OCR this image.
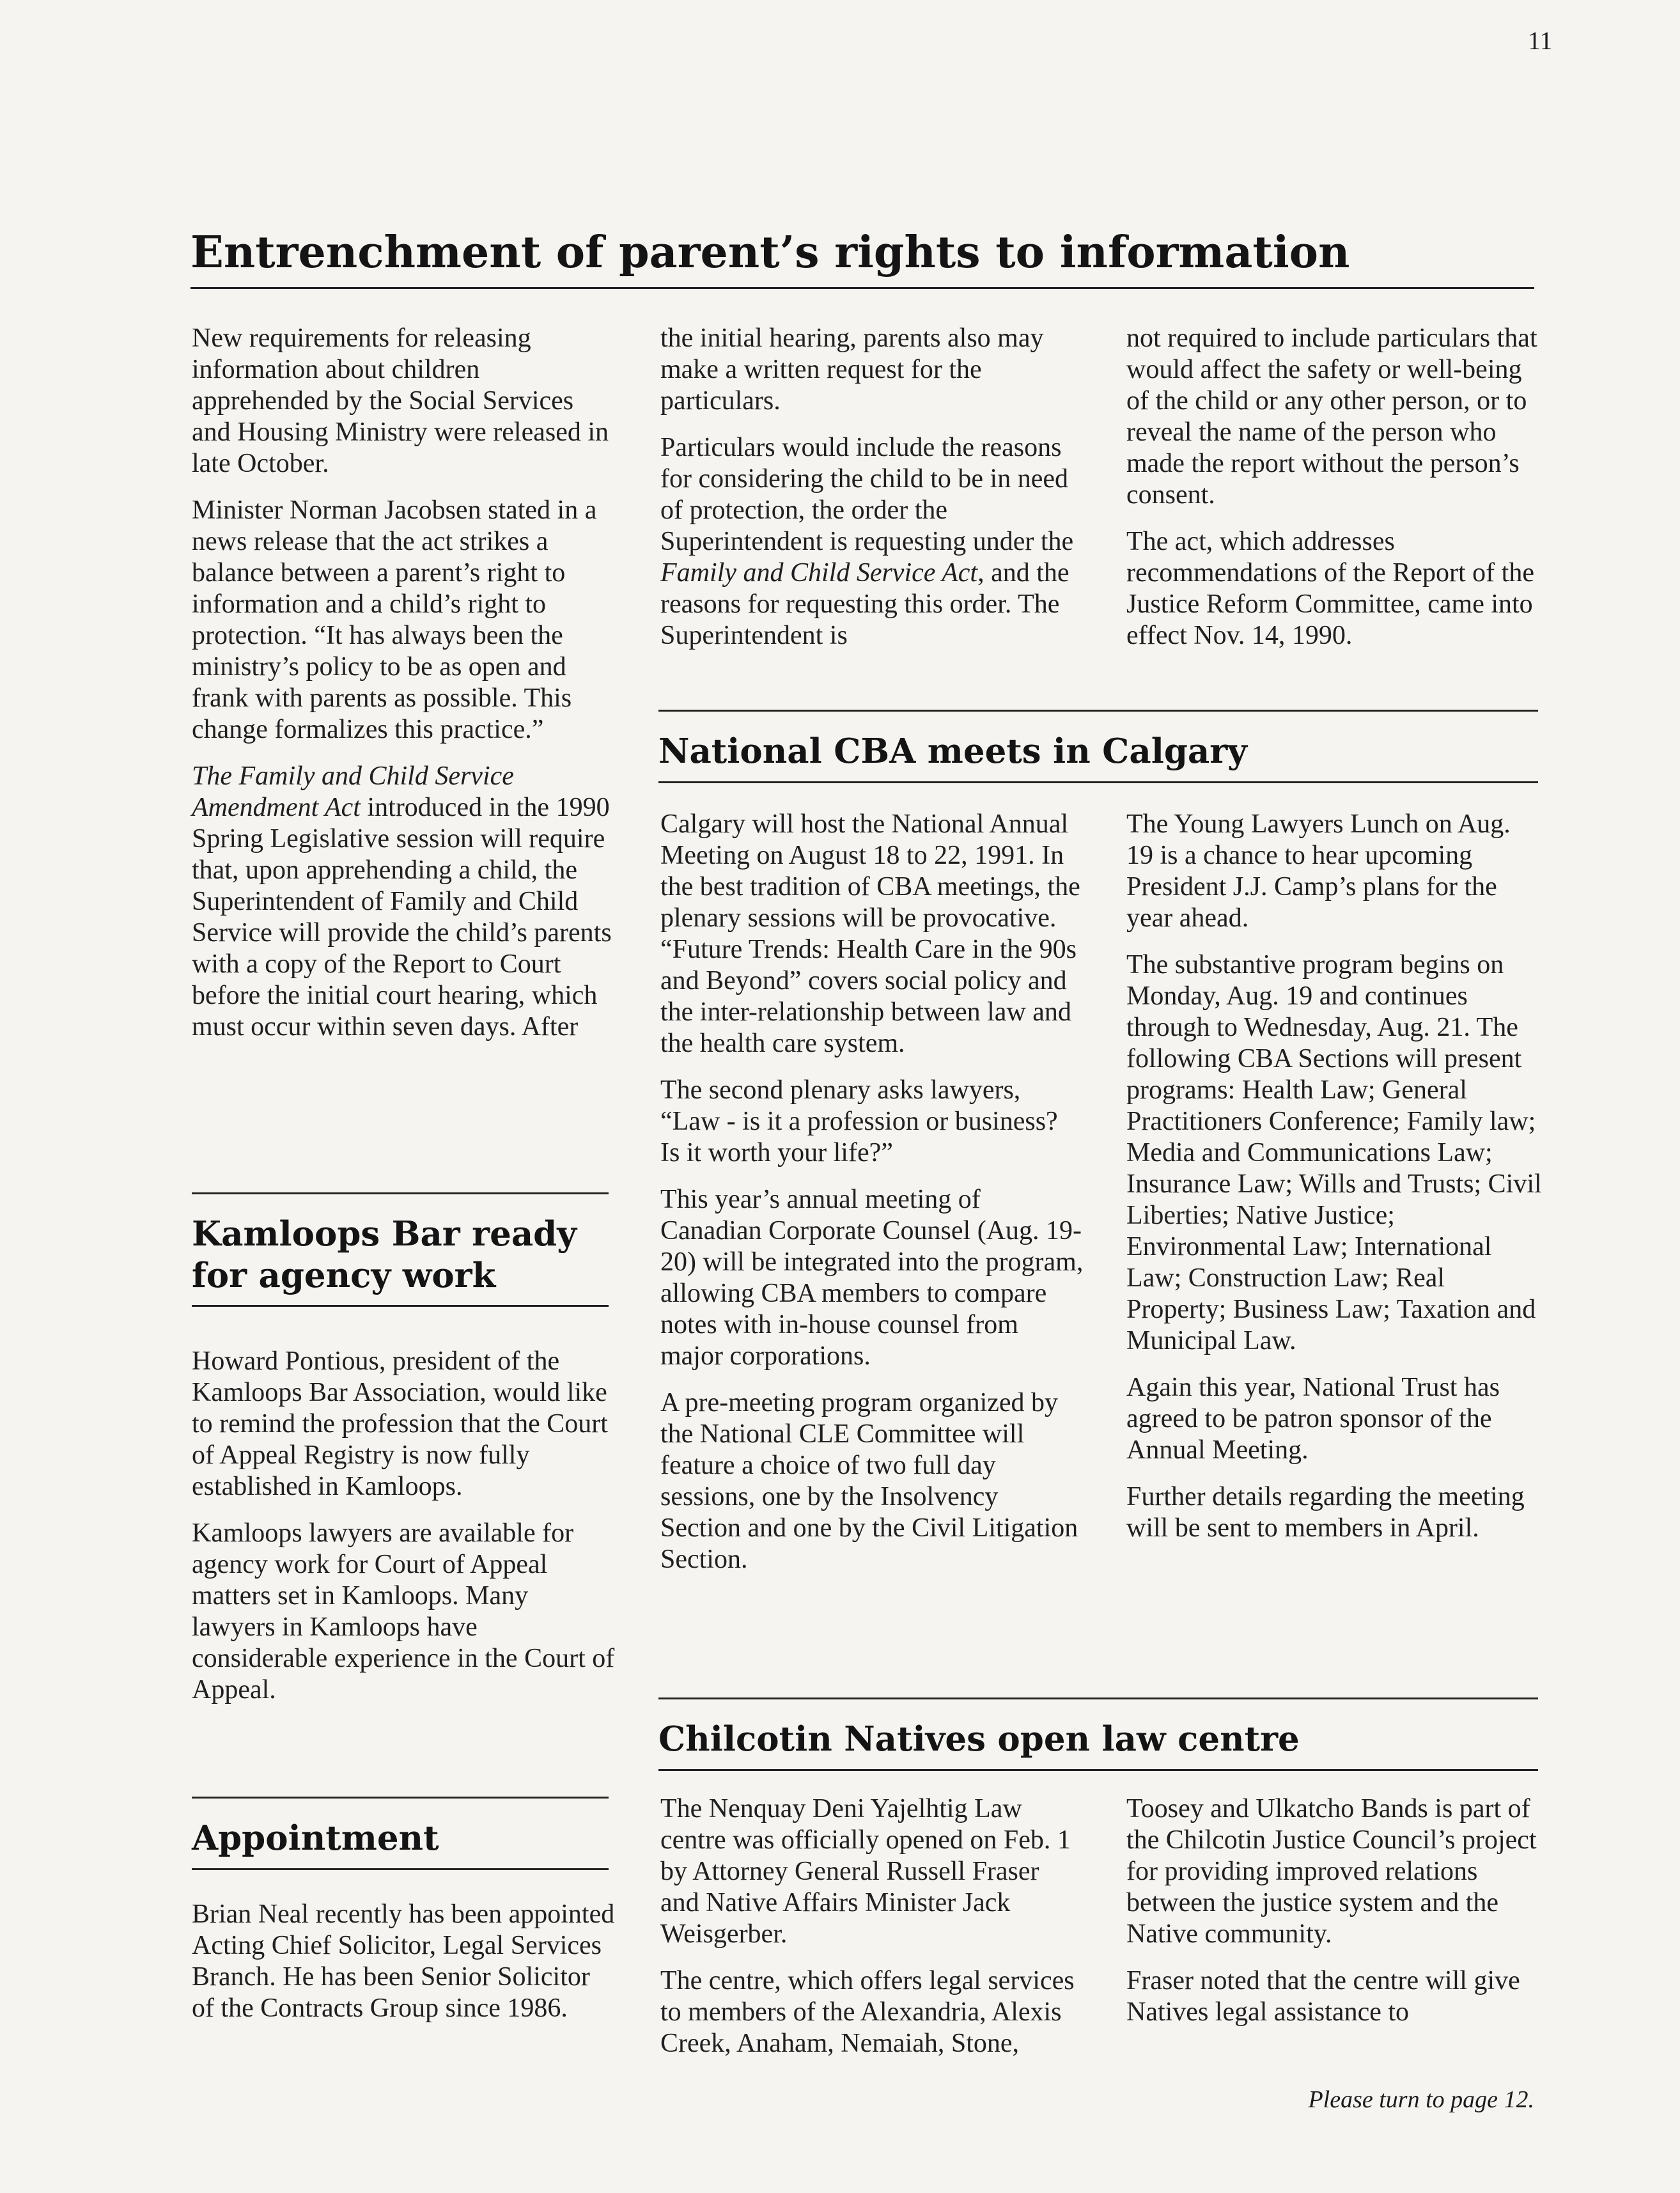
11
Entrenchment of parent’s rights to information

New requirements for releasing information about children apprehended by the Social Services and Housing Ministry were released in late October.

Minister Norman Jacobsen stated in a news release that the act strikes a balance between a parent’s right to information and a child’s right to protection. “It has always been the ministry’s policy to be as open and frank with parents as possible. This change formalizes this practice.”

The Family and Child Service Amendment Act introduced in the 1990 Spring Legislative session will require that, upon apprehending a child, the Superintendent of Family and Child Service will provide the child’s parents with a copy of the Report to Court before the initial court hearing, which must occur within seven days. After

the initial hearing, parents also may make a written request for the particulars.

Particulars would include the reasons for considering the child to be in need of protection, the order the Superintendent is requesting under the Family and Child Service Act, and the reasons for requesting this order. The Superintendent is

not required to include particulars that would affect the safety or well-being of the child or any other person, or to reveal the name of the person who made the report without the person’s consent.

The act, which addresses recommendations of the Report of the Justice Reform Committee, came into effect Nov. 14, 1990.

Kamloops Bar ready for agency work

Howard Pontious, president of the Kamloops Bar Association, would like to remind the profession that the Court of Appeal Registry is now fully established in Kamloops.

Kamloops lawyers are available for agency work for Court of Appeal matters set in Kamloops. Many lawyers in Kamloops have considerable experience in the Court of Appeal.

Appointment

Brian Neal recently has been appointed Acting Chief Solicitor, Legal Services Branch. He has been Senior Solicitor of the Contracts Group since 1986.

National CBA meets in Calgary

Calgary will host the National Annual Meeting on August 18 to 22, 1991. In the best tradition of CBA meetings, the plenary sessions will be provocative. “Future Trends: Health Care in the 90s and Beyond” covers social policy and the inter-relationship between law and the health care system.

The second plenary asks lawyers, “Law - is it a profession or business? Is it worth your life?”

This year’s annual meeting of Canadian Corporate Counsel (Aug. 19-20) will be integrated into the program, allowing CBA members to compare notes with in-house counsel from major corporations.

A pre-meeting program organized by the National CLE Committee will feature a choice of two full day sessions, one by the Insolvency Section and one by the Civil Litigation Section.

The Young Lawyers Lunch on Aug. 19 is a chance to hear upcoming President J.J. Camp’s plans for the year ahead.

The substantive program begins on Monday, Aug. 19 and continues through to Wednesday, Aug. 21. The following CBA Sections will present programs: Health Law; General Practitioners Conference; Family law; Media and Communications Law; Insurance Law; Wills and Trusts; Civil Liberties; Native Justice; Environmental Law; International Law; Construction Law; Real Property; Business Law; Taxation and Municipal Law.

Again this year, National Trust has agreed to be patron sponsor of the Annual Meeting.

Further details regarding the meeting will be sent to members in April.

Chilcotin Natives open law centre

The Nenquay Deni Yajelhtig Law centre was officially opened on Feb. 1 by Attorney General Russell Fraser and Native Affairs Minister Jack Weisgerber.

The centre, which offers legal services to members of the Alexandria, Alexis Creek, Anaham, Nemaiah, Stone,

Toosey and Ulkatcho Bands is part of the Chilcotin Justice Council’s project for providing improved relations between the justice system and the Native community.

Fraser noted that the centre will give Natives legal assistance to

Please turn to page 12.
